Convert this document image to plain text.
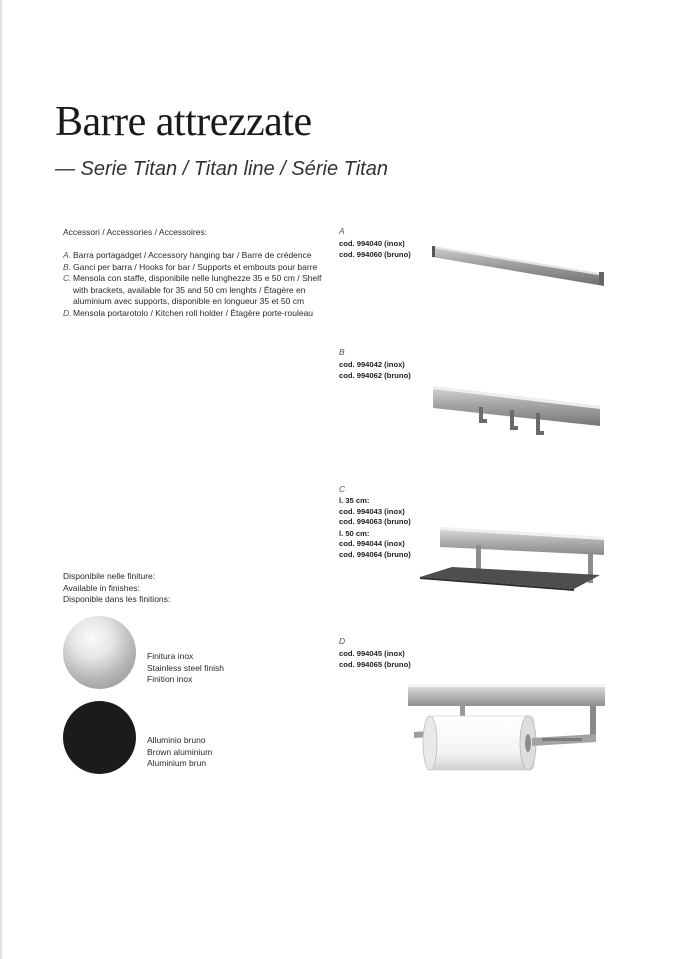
Barre attrezzate
— Serie Titan / Titan line / Série Titan
Accessori / Accessories / Accessoires:
A. Barra portagadget / Accessory hanging bar / Barre de crédence
B. Ganci per barra / Hooks for bar / Supports et embouts pour barre
C. Mensola con staffe, disponibile nelle lunghezze 35 e 50 cm / Shelf with brackets, available for 35 and 50 cm lenghts / Étagère en aluminium avec supports, disponible en longueur 35 et 50 cm
D. Mensola portarotolo / Kitchen roll holder / Étagère porte-rouleau
Disponibile nelle finiture:
Available in finishes:
Disponible dans les finitions:
Finitura inox
Stainless steel finish
Finition inox
Alluminio bruno
Brown aluminium
Aluminium brun
A
cod. 994040 (inox)
cod. 994060 (bruno)
B
cod. 994042 (inox)
cod. 994062 (bruno)
C
l. 35 cm:
cod. 994043 (inox)
cod. 994063 (bruno)
l. 50 cm:
cod. 994044 (inox)
cod. 994064 (bruno)
D
cod. 994045 (inox)
cod. 994065 (bruno)
